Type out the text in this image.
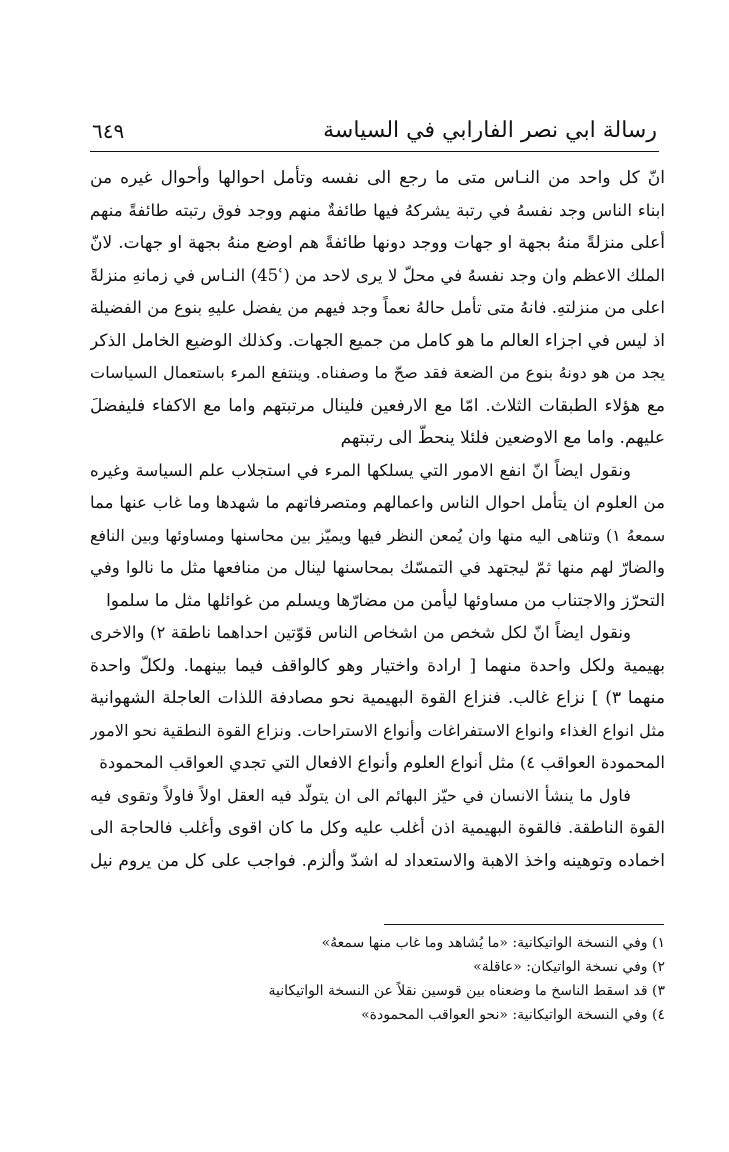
رسالة ابي نصر الفارابي في السياسة
٦٤٩
انّ كل واحد من النـاس متى ما رجع الى نفسه وتأمل احوالها وأحوال غيره من
ابناء الناس وجد نفسهُ في رتبة يشركهُ فيها طائفةٌ منهم ووجد فوق رتبته طائفةً منهم
أعلى منزلةً منهُ بجهة او جهات ووجد دونها طائفةً هم اوضع منهُ بجهة او جهات. لانّ
الملك الاعظم وان وجد نفسهُ في محلّ لا يرى لاحد من (45ʿ) النـاس في زمانهِ منزلةً
اعلى من منزلتهِ. فانهُ متى تأمل حالهُ نعماً وجد فيهم من يفضل عليهِ بنوع من الفضيلة
اذ ليس في اجزاء العالم ما هو كامل من جميع الجهات. وكذلك الوضيع الخامل الذكر
يجد من هو دونهُ بنوع من الضعة فقد صحّ ما وصفناه. وينتفع المرء باستعمال السياسات
مع هؤلاء الطبقات الثلاث. امّا مع الارفعين فلينال مرتبتهم واما مع الاكفاء فليفضلَ
عليهم. واما مع الاوضعين فلئلا ينحطّ الى رتبتهم
ونقول ايضاً انّ انفع الامور التي يسلكها المرء في استجلاب علم السياسة وغيره
من العلوم ان يتأمل احوال الناس واعمالهم ومتصرفاتهم ما شهدها وما غاب عنها مما
سمعهُ ١) وتناهى اليه منها وان يُمعن النظر فيها ويميّز بين محاسنها ومساوئها وبين النافع
والضارّ لهم منها ثمّ ليجتهد في التمسّك بمحاسنها لينال من منافعها مثل ما نالوا وفي
التحرّز والاجتناب من مساوئها ليأمن من مضارّها ويسلم من غوائلها مثل ما سلموا
ونقول ايضاً انّ لكل شخص من اشخاص الناس قوّتين احداهما ناطقة ٢) والاخرى
بهيمية ولكل واحدة منهما [ ارادة واختيار وهو كالواقف فيما بينهما. ولكلّ واحدة
منهما ٣) ] نزاع غالب. فنزاع القوة البهيمية نحو مصادفة اللذات العاجلة الشهوانية
مثل انواع الغذاء وانواع الاستفراغات وأنواع الاستراحات. ونزاع القوة النطقية نحو الامور
المحمودة العواقب ٤) مثل أنواع العلوم وأنواع الافعال التي تجدي العواقب المحمودة
فاول ما ينشأ الانسان في حيّز البهائم الى ان يتولّد فيه العقل اولاً فاولاً وتقوى فيه
القوة الناطقة. فالقوة البهيمية اذن أغلب عليه وكل ما كان اقوى وأغلب فالحاجة الى
اخماده وتوهينه واخذ الاهبة والاستعداد له اشدّ وألزم. فواجب على كل من يروم نيل
١) وفي النسخة الواتيكانية: «ما يُشاهد وما غاب منها سمعهُ»
٢) وفي نسخة الواتيكان: «عاقلة»
٣) قد اسقط الناسخ ما وضعناه بين قوسين نقلاً عن النسخة الواتيكانية
٤) وفي النسخة الواتيكانية: «نحو العواقب المحمودة»
